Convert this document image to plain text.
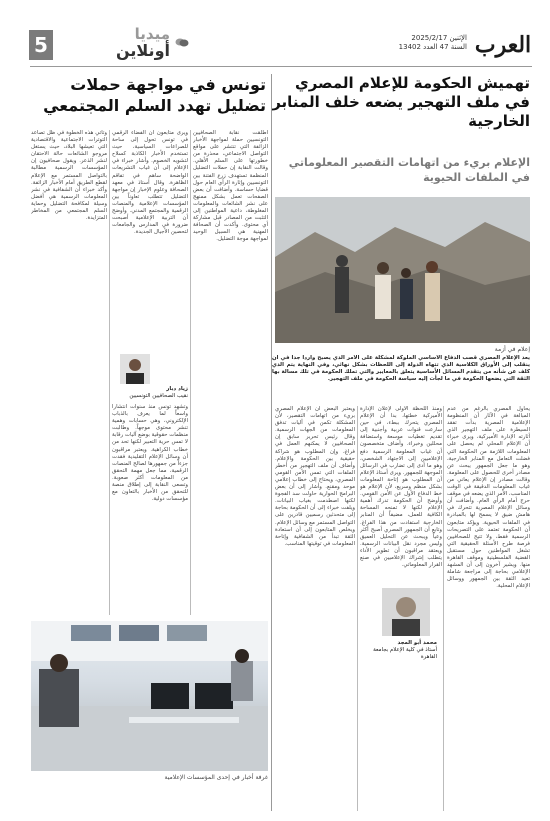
العرب
الإثنين 2025/2/17
السنة 47 العدد 13402
5	ميديا
أونلاين
تهميش الحكومة للإعلام المصري في ملف التهجير يضعه خلف المنابر الخارجية
الإعلام بريء من اتهامات التقصير المعلوماتي في الملفات الحيوية
إعلام في أزمة
يعد الإعلام المصري قصب الدفاع الأساسي الملوكة لمشكلة على الأمر الذي يصبح وارداً جداً في أن ينقلب إلى الأوراق الكلاسية الذي تتهاه الدولة إلى اللحظات بشكل نهائي، وفي النهاية يتم الذي كلف عن شأنه من يتقدم المسائل الأساسية يتعلق بالمعايير والتي تملك الحكومة في تلك مسالة بها الثقة التي يضعها الحكومة في ما لجأت إليه سياسة الحكومة في ملف التهجير.
يحاول المصري بالرغم من عدم المبالغة في الآثار أن المنظومة الإعلامية المصرية بدأت تفقد السيطرة على ملف التهجير الذي أثارته الإدارة الأميركية، ويرى خبراء أن الإعلام المحلي لم يحصل على المعلومات اللازمة من الحكومة التي فضلت التعامل مع المنابر الخارجية، وهو ما جعل الجمهور يبحث عن مصادر أخرى للحصول على المعلومة. وقالت مصادر إن الإعلام يعاني من غياب المعلومات الدقيقة في الوقت المناسب، الأمر الذي يضعه في موقف حرج أمام الرأي العام. وأضافت أن وسائل الإعلام المصرية تتحرك في هامش ضيق لا يسمح لها بالمبادرة في الملفات الحيوية. ويؤكد متابعون أن الحكومة تعتمد على التصريحات الرسمية فقط، ولا تتيح للصحافيين فرصة طرح الأسئلة الحقيقية التي تشغل المواطنين حول مستقبل القضية الفلسطينية وموقف القاهرة منها. ويشير آخرون إلى أن المشهد الإعلامي بحاجة إلى مراجعة شاملة تعيد الثقة بين الجمهور ووسائل الإعلام المحلية.
ومنذ اللحظة الأولى لإعلان الإدارة الأميركية خطتها، بدا أن الإعلام المصري يتحرك ببطء، في حين سارعت قنوات عربية وأجنبية إلى تقديم تغطيات موسعة واستضافة محللين وخبراء. وأضاف متخصصون أن غياب المعلومة الرسمية دفع الإعلاميين إلى الاجتهاد الشخصي، وهو ما أدى إلى تضارب في الرسائل الموجهة للجمهور. ويرى أستاذ الإعلام أن المطلوب هو إتاحة المعلومات بشكل منظم وسريع، لأن الإعلام هو خط الدفاع الأول عن الأمن القومي. وأوضح أن الحكومة تدرك أهمية الإعلام لكنها لا تمنحه المساحة الكافية للعمل، مضيفاً أن المنابر الخارجية استفادت من هذا الفراغ. وتابع أن الجمهور المصري أصبح أكثر وعياً ويبحث عن التحليل العميق وليس مجرد نقل البيانات الرسمية. ويعتقد مراقبون أن تطوير الأداء يتطلب إشراك الإعلاميين في صنع القرار المعلوماتي.
محمد أبو المجد
أستاذ في كلية الإعلام بجامعة القاهرة
ويعتبر البعض أن الإعلام المصري بريء من اتهامات التقصير، لأن المشكلة تكمن في آليات تدفق المعلومات من الجهات الرسمية. وقال رئيس تحرير سابق إن الصحافيين لا يمكنهم العمل في فراغ، وإن المطلوب هو شراكة حقيقية بين الحكومة والإعلام. وأضاف أن ملف التهجير من أخطر الملفات التي تمس الأمن القومي المصري، ويحتاج إلى خطاب إعلامي موحد ومقنع. وأشار إلى أن بعض البرامج الحوارية حاولت سد الفجوة لكنها اصطدمت بغياب البيانات. ويلفت خبراء إلى أن الحكومة بحاجة إلى متحدثين رسميين قادرين على التواصل المستمر مع وسائل الإعلام. ويخلص المتابعون إلى أن استعادة الثقة تبدأ من الشفافية وإتاحة المعلومات في توقيتها المناسب.
تونس في مواجهة حملات تضليل تهدد السلم المجتمعي
أطلقت نقابة الصحافيين التونسيين حملة لمواجهة الأخبار الزائفة التي تنتشر على مواقع التواصل الاجتماعي، محذرة من خطورتها على السلم الأهلي. وقالت النقابة إن حملات التضليل المنظمة تستهدف زرع الفتنة بين التونسيين وإثارة الرأي العام حول قضايا حساسة. وأضافت أن بعض الصفحات تعمل بشكل ممنهج على نشر الشائعات والمعلومات المغلوطة، داعية المواطنين إلى التثبت من المصادر قبل مشاركة أي محتوى. وأكدت أن الصحافة المهنية هي السبيل الوحيد لمواجهة موجة التضليل.
ويرى متابعون أن الفضاء الرقمي في تونس تحول إلى ساحة للصراعات السياسية، حيث تستخدم الأخبار الكاذبة كسلاح لتشويه الخصوم. وأشار خبراء في الإعلام إلى أن غياب التشريعات الواضحة ساهم في تفاقم الظاهرة. وقال أستاذ في معهد الصحافة وعلوم الإخبار إن مواجهة التضليل تتطلب تعاوناً بين المؤسسات الإعلامية والمنصات الرقمية والمجتمع المدني. وأوضح أن التربية الإعلامية أصبحت ضرورة في المدارس والجامعات لتحصين الأجيال الجديدة.
زياد دبار
نقيب الصحافيين التونسيين
وتشهد تونس منذ سنوات انتشاراً واسعاً لما يعرف بالذباب الإلكتروني، وهي حسابات وهمية تنشر محتوى موجهاً. وطالبت منظمات حقوقية بوضع آليات رقابة لا تمس حرية التعبير لكنها تحد من خطاب الكراهية. ويعتبر مراقبون أن وسائل الإعلام التقليدية فقدت جزءاً من جمهورها لصالح المنصات الرقمية، مما جعل مهمة التحقق من المعلومات أكثر صعوبة. وتسعى النقابة إلى إطلاق منصة للتحقق من الأخبار بالتعاون مع مؤسسات دولية.
وتأتي هذه الخطوة في ظل تصاعد التوترات الاجتماعية والاقتصادية التي تعيشها البلاد، حيث يستغل مروجو الشائعات حالة الاحتقان لنشر الذعر. ويقول صحافيون إن المؤسسات الرسمية مطالبة بالتواصل المستمر مع الإعلام لقطع الطريق أمام الأخبار الزائفة. وأكد خبراء أن الشفافية في نشر المعلومات الرسمية هي أفضل وسيلة لمكافحة التضليل وحماية السلم المجتمعي من المخاطر المتزايدة.
غرفة أخبار في إحدى المؤسسات الإعلامية
